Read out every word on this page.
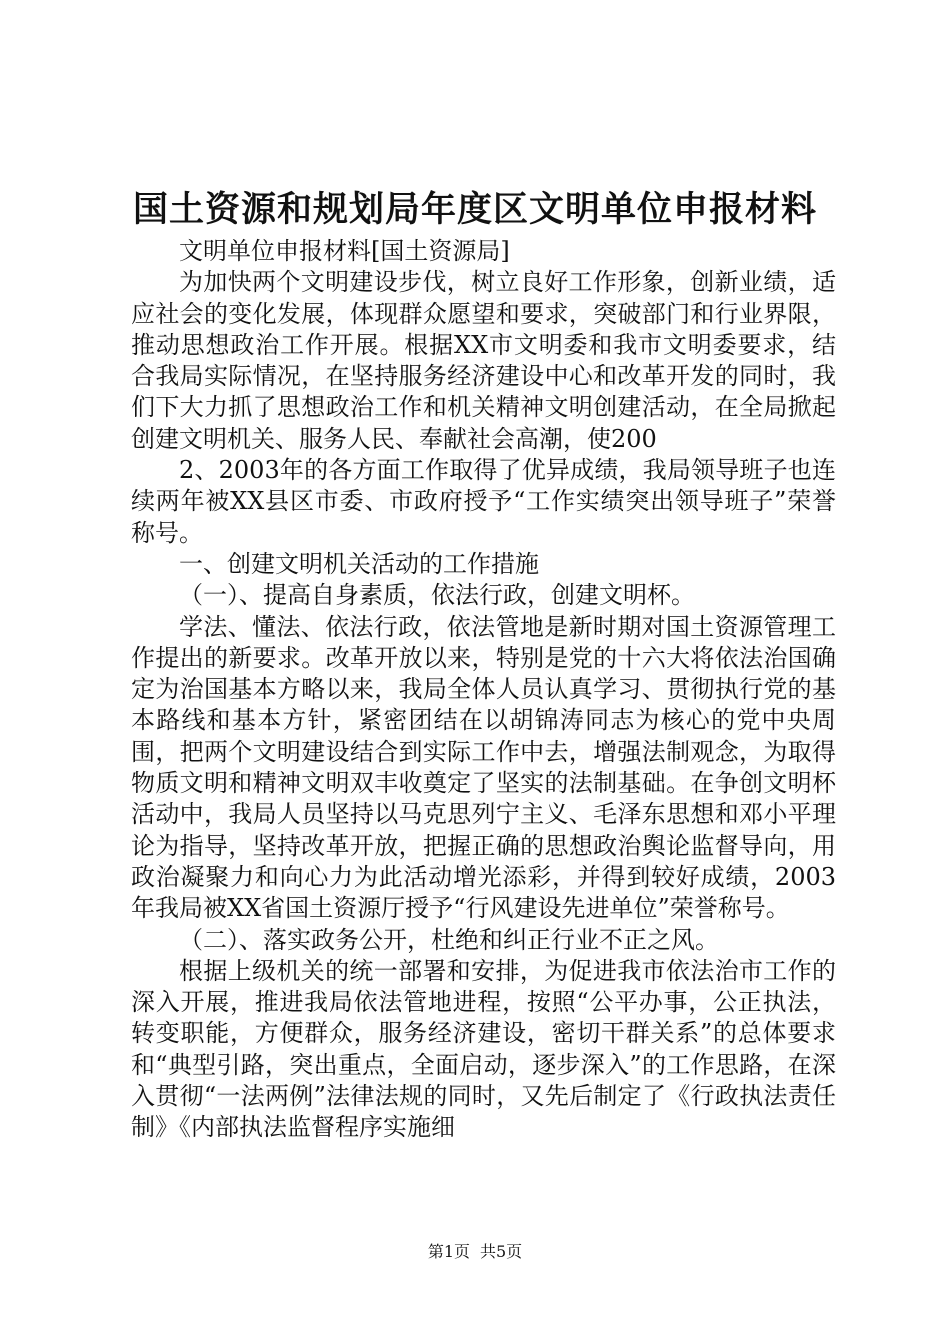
国土资源和规划局年度区文明单位申报材料

文明单位申报材料[国土资源局]

为加快两个文明建设步伐，树立良好工作形象，创新业绩，适应社会的变化发展，体现群众愿望和要求，突破部门和行业界限，推动思想政治工作开展。根据XX市文明委和我市文明委要求，结合我局实际情况，在坚持服务经济建设中心和改革开发的同时，我们下大力抓了思想政治工作和机关精神文明创建活动，在全局掀起创建文明机关、服务人民、奉献社会高潮，使200

2、2003年的各方面工作取得了优异成绩，我局领导班子也连续两年被XX县区市委、市政府授予“工作实绩突出领导班子”荣誉称号。

一、创建文明机关活动的工作措施

（一）、提高自身素质，依法行政，创建文明杯。

学法、懂法、依法行政，依法管地是新时期对国土资源管理工作提出的新要求。改革开放以来，特别是党的十六大将依法治国确定为治国基本方略以来，我局全体人员认真学习、贯彻执行党的基本路线和基本方针，紧密团结在以胡锦涛同志为核心的党中央周围，把两个文明建设结合到实际工作中去，增强法制观念，为取得物质文明和精神文明双丰收奠定了坚实的法制基础。在争创文明杯活动中，我局人员坚持以马克思列宁主义、毛泽东思想和邓小平理论为指导，坚持改革开放，把握正确的思想政治舆论监督导向，用政治凝聚力和向心力为此活动增光添彩，并得到较好成绩，2003年我局被XX省国土资源厅授予“行风建设先进单位”荣誉称号。

（二）、落实政务公开，杜绝和纠正行业不正之风。

根据上级机关的统一部署和安排，为促进我市依法治市工作的深入开展，推进我局依法管地进程，按照“公平办事，公正执法，转变职能，方便群众，服务经济建设，密切干群关系”的总体要求和“典型引路，突出重点，全面启动，逐步深入”的工作思路，在深入贯彻“一法两例”法律法规的同时，又先后制定了《行政执法责任制》《内部执法监督程序实施细

第1页 共5页
